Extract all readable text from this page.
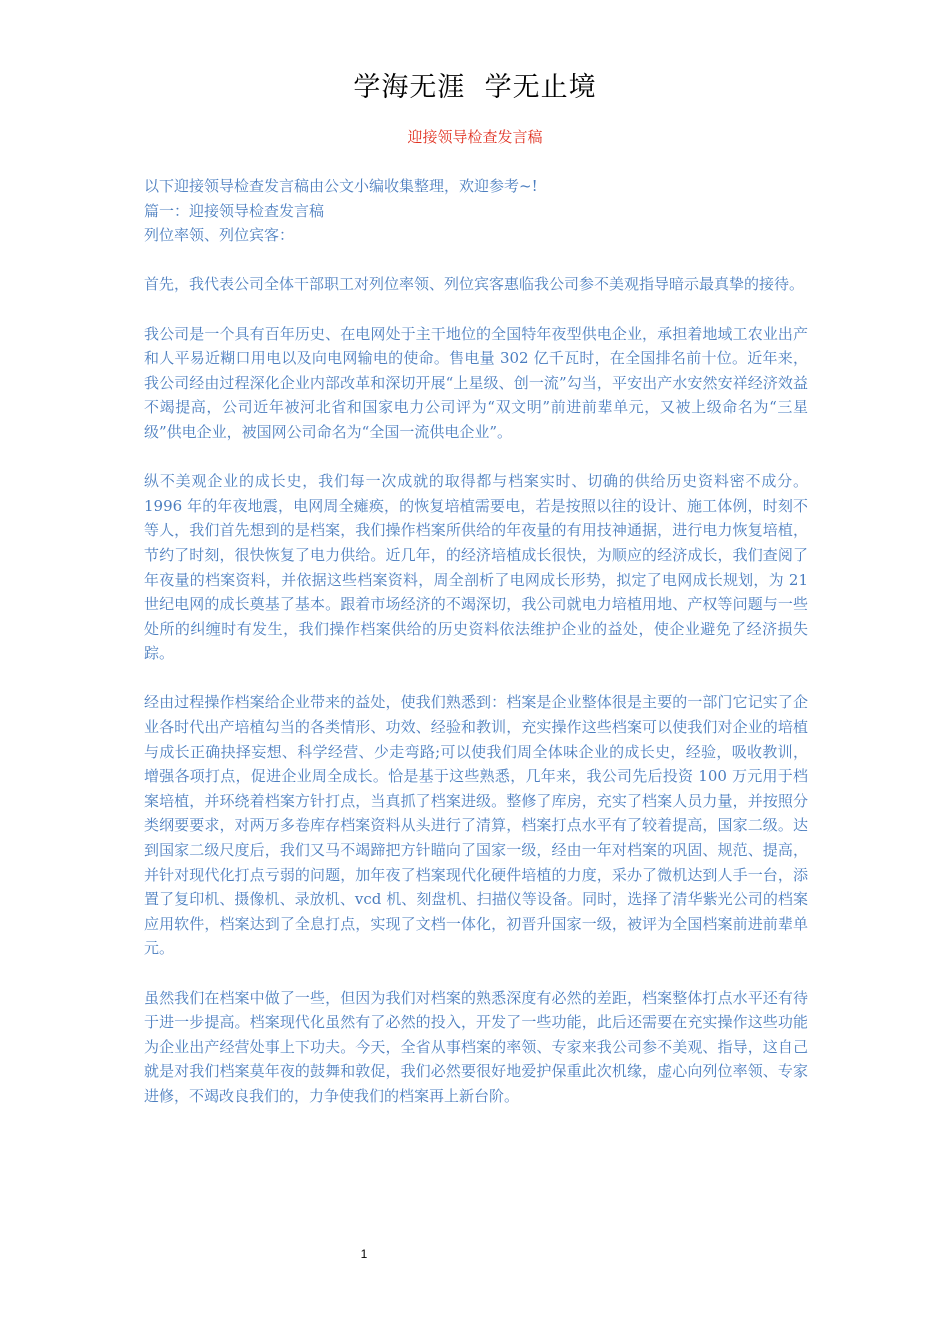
学海无涯  学无止境
迎接领导检查发言稿

以下迎接领导检查发言稿由公文小编收集整理，欢迎参考~!

篇一：迎接领导检查发言稿

列位率领、列位宾客：

首先，我代表公司全体干部职工对列位率领、列位宾客惠临我公司参不美观指导暗示最真挚的接待。

我公司是一个具有百年历史、在电网处于主干地位的全国特年夜型供电企业，承担着地域工农业出产和人平易近糊口用电以及向电网输电的使命。售电量 302 亿千瓦时，在全国排名前十位。近年来，我公司经由过程深化企业内部改革和深切开展“上星级、创一流”勾当，平安出产水安然安祥经济效益不竭提高，公司近年被河北省和国家电力公司评为“双文明”前进前辈单元，又被上级命名为“三星级”供电企业，被国网公司命名为“全国一流供电企业”。

纵不美观企业的成长史，我们每一次成就的取得都与档案实时、切确的供给历史资料密不成分。1996 年的年夜地震，电网周全瘫痪，的恢复培植需要电，若是按照以往的设计、施工体例，时刻不等人，我们首先想到的是档案，我们操作档案所供给的年夜量的有用技神通据，进行电力恢复培植，节约了时刻，很快恢复了电力供给。近几年，的经济培植成长很快，为顺应的经济成长，我们查阅了年夜量的档案资料，并依据这些档案资料，周全剖析了电网成长形势，拟定了电网成长规划，为 21 世纪电网的成长奠基了基本。跟着市场经济的不竭深切，我公司就电力培植用地、产权等问题与一些处所的纠缠时有发生，我们操作档案供给的历史资料依法维护企业的益处，使企业避免了经济损失踪。

经由过程操作档案给企业带来的益处，使我们熟悉到：档案是企业整体很是主要的一部门它记实了企业各时代出产培植勾当的各类情形、功效、经验和教训，充实操作这些档案可以使我们对企业的培植与成长正确抉择妄想、科学经营、少走弯路;可以使我们周全体味企业的成长史，经验，吸收教训，增强各项打点，促进企业周全成长。恰是基于这些熟悉，几年来，我公司先后投资 100 万元用于档案培植，并环绕着档案方针打点，当真抓了档案进级。整修了库房，充实了档案人员力量，并按照分类纲要要求，对两万多卷库存档案资料从头进行了清算，档案打点水平有了较着提高，国家二级。达到国家二级尺度后，我们又马不竭蹄把方针瞄向了国家一级，经由一年对档案的巩固、规范、提高，并针对现代化打点亏弱的问题，加年夜了档案现代化硬件培植的力度，采办了微机达到人手一台，添置了复印机、摄像机、录放机、vcd 机、刻盘机、扫描仪等设备。同时，选择了清华紫光公司的档案应用软件，档案达到了全息打点，实现了文档一体化，初晋升国家一级，被评为全国档案前进前辈单元。

虽然我们在档案中做了一些，但因为我们对档案的熟悉深度有必然的差距，档案整体打点水平还有待于进一步提高。档案现代化虽然有了必然的投入，开发了一些功能，此后还需要在充实操作这些功能为企业出产经营处事上下功夫。今天，全省从事档案的率领、专家来我公司参不美观、指导，这自己就是对我们档案莫年夜的鼓舞和敦促，我们必然要很好地爱护保重此次机缘，虚心向列位率领、专家进修，不竭改良我们的，力争使我们的档案再上新台阶。

1
